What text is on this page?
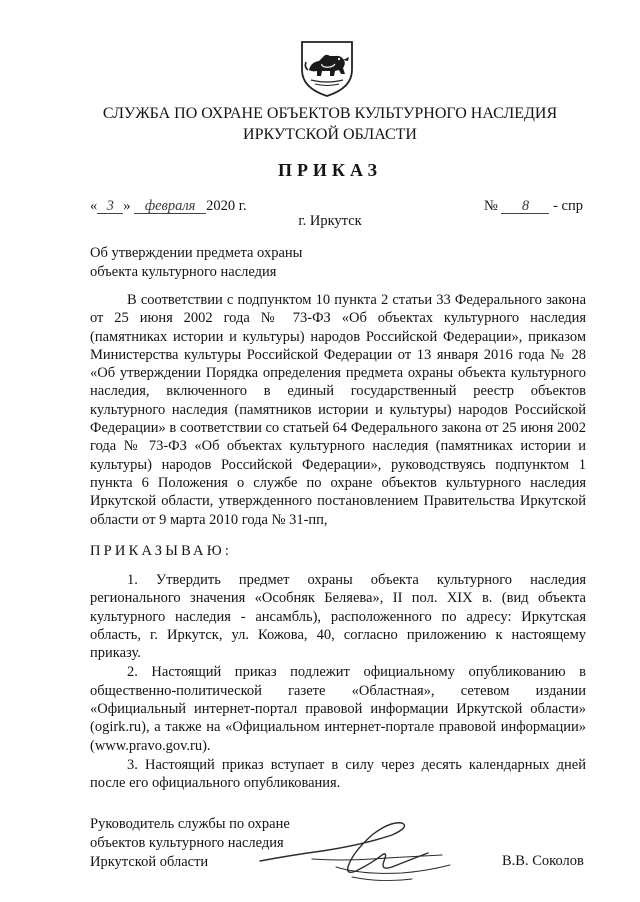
СЛУЖБА ПО ОХРАНЕ ОБЪЕКТОВ КУЛЬТУРНОГО НАСЛЕДИЯ ИРКУТСКОЙ ОБЛАСТИ
ПРИКАЗ
« 3 » февраля 2020 г.	№ 8 - спр
г. Иркутск
Об утверждении предмета охраны
объекта культурного наследия

В соответствии с подпунктом 10 пункта 2 статьи 33 Федерального закона от 25 июня 2002 года № 73-ФЗ «Об объектах культурного наследия (памятниках истории и культуры) народов Российской Федерации», приказом Министерства культуры Российской Федерации от 13 января 2016 года № 28 «Об утверждении Порядка определения предмета охраны объекта культурного наследия, включенного в единый государственный реестр объектов культурного наследия (памятников истории и культуры) народов Российской Федерации» в соответствии со статьей 64 Федерального закона от 25 июня 2002 года № 73-ФЗ «Об объектах культурного наследия (памятниках истории и культуры) народов Российской Федерации», руководствуясь подпунктом 1 пункта 6 Положения о службе по охране объектов культурного наследия Иркутской области, утвержденного постановлением Правительства Иркутской области от 9 марта 2010 года № 31-пп,

ПРИКАЗЫВАЮ:

1. Утвердить предмет охраны объекта культурного наследия регионального значения «Особняк Беляева», II пол. XIX в. (вид объекта культурного наследия - ансамбль), расположенного по адресу: Иркутская область, г. Иркутск, ул. Кожова, 40, согласно приложению к настоящему приказу.

2. Настоящий приказ подлежит официальному опубликованию в общественно-политической газете «Областная», сетевом издании «Официальный интернет-портал правовой информации Иркутской области» (ogirk.ru), а также на «Официальном интернет-портале правовой информации» (www.pravo.gov.ru).

3. Настоящий приказ вступает в силу через десять календарных дней после его официального опубликования.

Руководитель службы по охране
объектов культурного наследия
Иркутской области	В.В. Соколов
